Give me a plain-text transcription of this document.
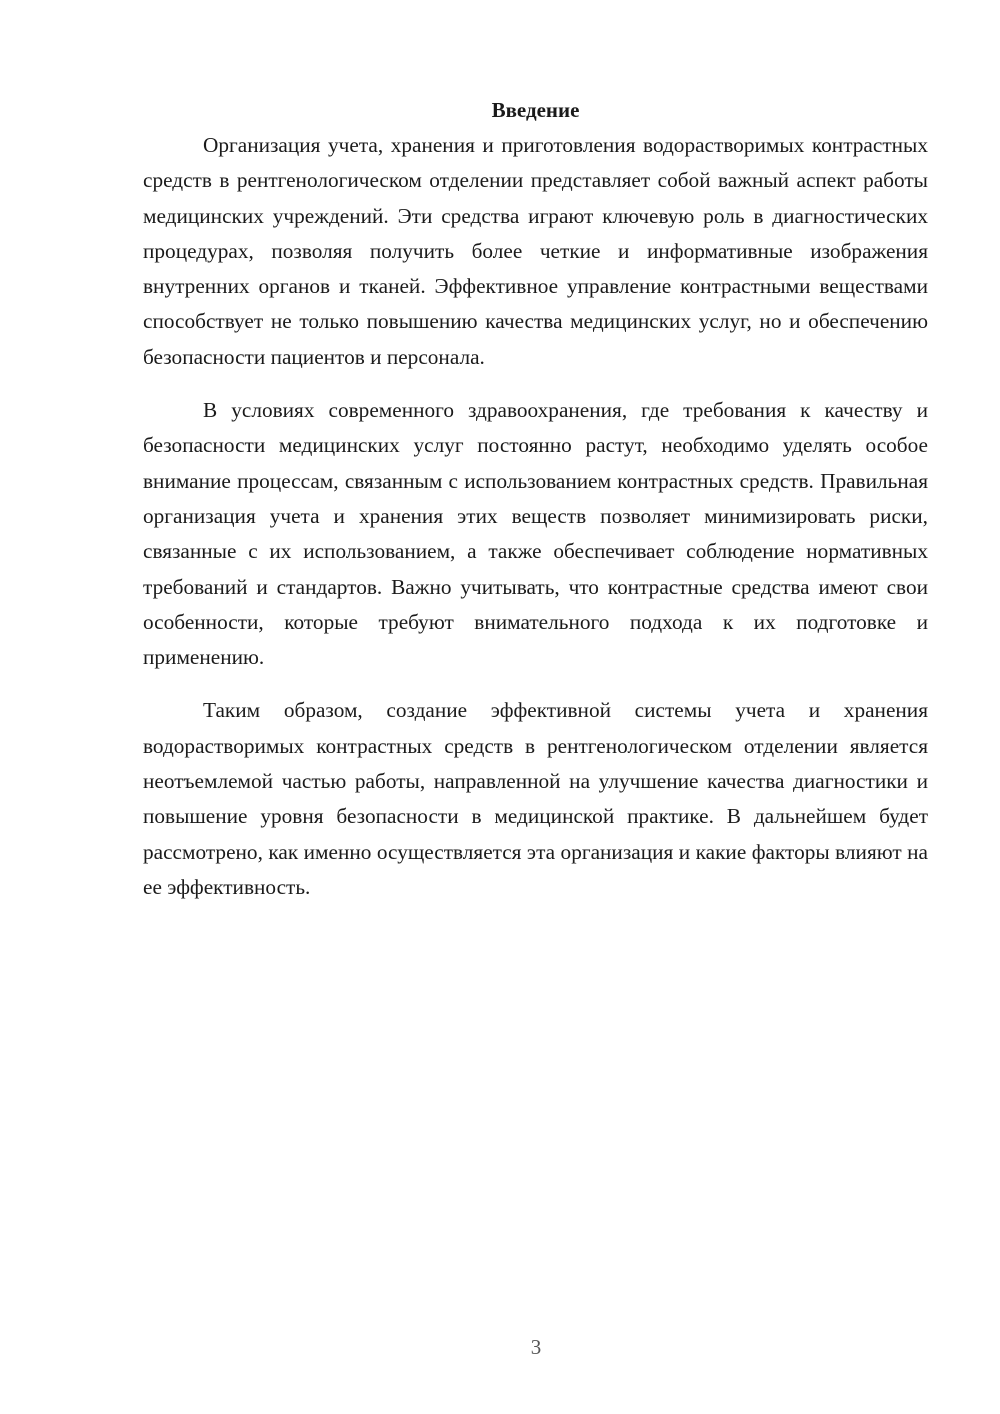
Введение

Организация учета, хранения и приготовления водорастворимых контрастных средств в рентгенологическом отделении представляет собой важный аспект работы медицинских учреждений. Эти средства играют ключевую роль в диагностических процедурах, позволяя получить более четкие и информативные изображения внутренних органов и тканей. Эффективное управление контрастными веществами способствует не только повышению качества медицинских услуг, но и обеспечению безопасности пациентов и персонала.

В условиях современного здравоохранения, где требования к качеству и безопасности медицинских услуг постоянно растут, необходимо уделять особое внимание процессам, связанным с использованием контрастных средств. Правильная организация учета и хранения этих веществ позволяет минимизировать риски, связанные с их использованием, а также обеспечивает соблюдение нормативных требований и стандартов. Важно учитывать, что контрастные средства имеют свои особенности, которые требуют внимательного подхода к их подготовке и применению.

Таким образом, создание эффективной системы учета и хранения водорастворимых контрастных средств в рентгенологическом отделении является неотъемлемой частью работы, направленной на улучшение качества диагностики и повышение уровня безопасности в медицинской практике. В дальнейшем будет рассмотрено, как именно осуществляется эта организация и какие факторы влияют на ее эффективность.

3
